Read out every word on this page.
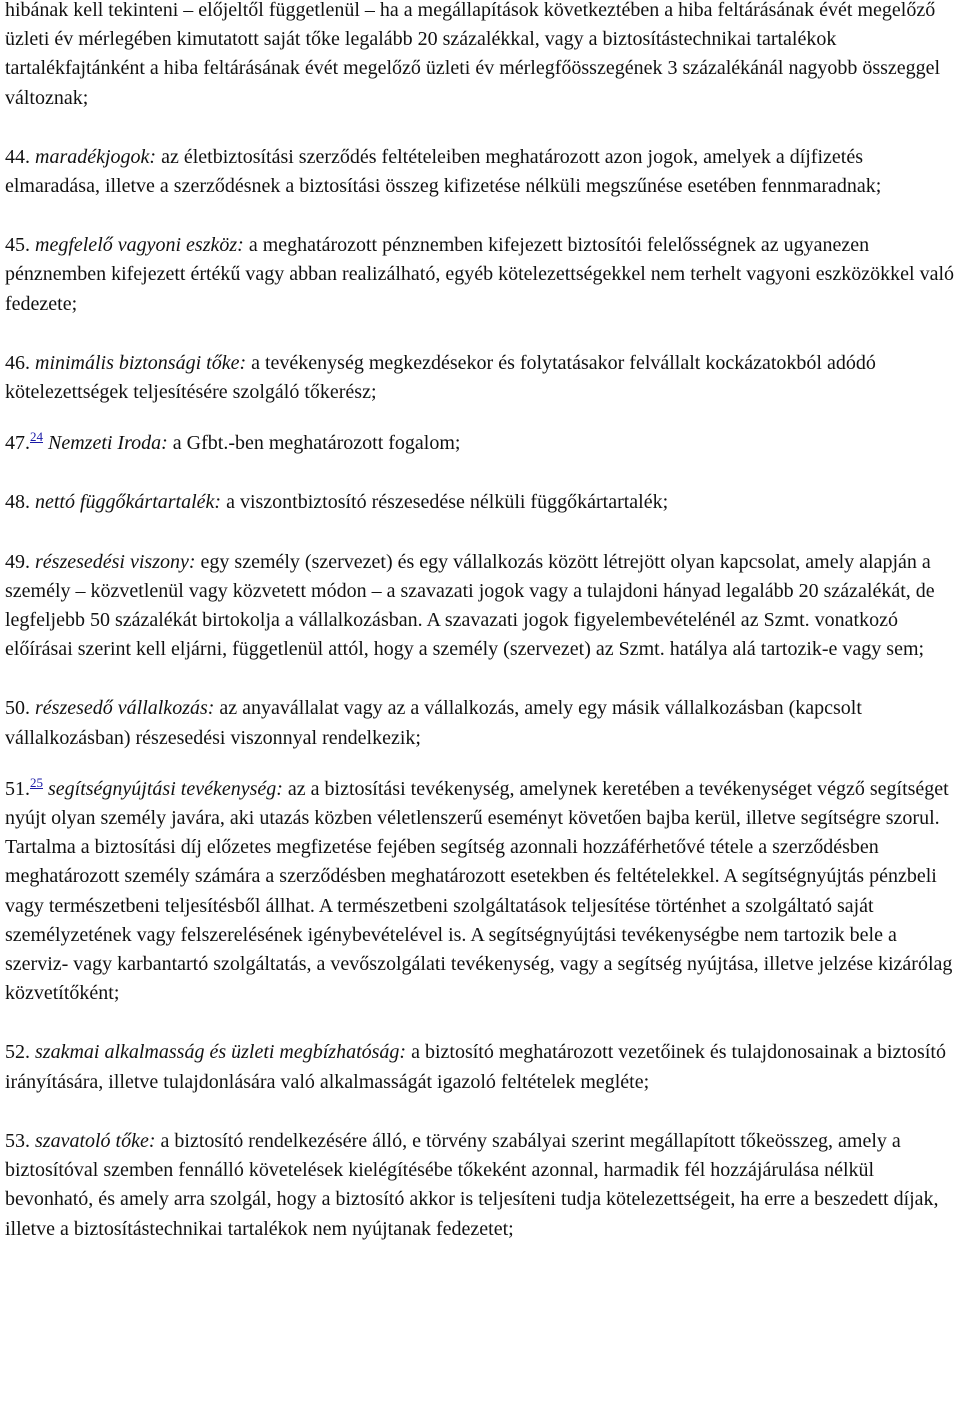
hibának kell tekinteni – előjeltől függetlenül – ha a megállapítások következtében a hiba feltárásának évét megelőző üzleti év mérlegében kimutatott saját tőke legalább 20 százalékkal, vagy a biztosítástechnikai tartalékok tartalékfajtánként a hiba feltárásának évét megelőző üzleti év mérlegfőösszegének 3 százalékánál nagyobb összeggel változnak;

44. maradékjogok: az életbiztosítási szerződés feltételeiben meghatározott azon jogok, amelyek a díjfizetés elmaradása, illetve a szerződésnek a biztosítási összeg kifizetése nélküli megszűnése esetében fennmaradnak;

45. megfelelő vagyoni eszköz: a meghatározott pénznemben kifejezett biztosítói felelősségnek az ugyanezen pénznemben kifejezett értékű vagy abban realizálható, egyéb kötelezettségekkel nem terhelt vagyoni eszközökkel való fedezete;

46. minimális biztonsági tőke: a tevékenység megkezdésekor és folytatásakor felvállalt kockázatokból adódó kötelezettségek teljesítésére szolgáló tőkerész;

47.24 Nemzeti Iroda: a Gfbt.-ben meghatározott fogalom;

48. nettó függőkártartalék: a viszontbiztosító részesedése nélküli függőkártartalék;

49. részesedési viszony: egy személy (szervezet) és egy vállalkozás között létrejött olyan kapcsolat, amely alapján a személy – közvetlenül vagy közvetett módon – a szavazati jogok vagy a tulajdoni hányad legalább 20 százalékát, de legfeljebb 50 százalékát birtokolja a vállalkozásban. A szavazati jogok figyelembevételénél az Szmt. vonatkozó előírásai szerint kell eljárni, függetlenül attól, hogy a személy (szervezet) az Szmt. hatálya alá tartozik-e vagy sem;

50. részesedő vállalkozás: az anyavállalat vagy az a vállalkozás, amely egy másik vállalkozásban (kapcsolt vállalkozásban) részesedési viszonnyal rendelkezik;

51.25 segítségnyújtási tevékenység: az a biztosítási tevékenység, amelynek keretében a tevékenységet végző segítséget nyújt olyan személy javára, aki utazás közben véletlenszerű eseményt követően bajba kerül, illetve segítségre szorul. Tartalma a biztosítási díj előzetes megfizetése fejében segítség azonnali hozzáférhetővé tétele a szerződésben meghatározott személy számára a szerződésben meghatározott esetekben és feltételekkel. A segítségnyújtás pénzbeli vagy természetbeni teljesítésből állhat. A természetbeni szolgáltatások teljesítése történhet a szolgáltató saját személyzetének vagy felszerelésének igénybevételével is. A segítségnyújtási tevékenységbe nem tartozik bele a szerviz- vagy karbantartó szolgáltatás, a vevőszolgálati tevékenység, vagy a segítség nyújtása, illetve jelzése kizárólag közvetítőként;

52. szakmai alkalmasság és üzleti megbízhatóság: a biztosító meghatározott vezetőinek és tulajdonosainak a biztosító irányítására, illetve tulajdonlására való alkalmasságát igazoló feltételek megléte;

53. szavatoló tőke: a biztosító rendelkezésére álló, e törvény szabályai szerint megállapított tőkeösszeg, amely a biztosítóval szemben fennálló követelések kielégítésébe tőkeként azonnal, harmadik fél hozzájárulása nélkül bevonható, és amely arra szolgál, hogy a biztosító akkor is teljesíteni tudja kötelezettségeit, ha erre a beszedett díjak, illetve a biztosítástechnikai tartalékok nem nyújtanak fedezetet;
